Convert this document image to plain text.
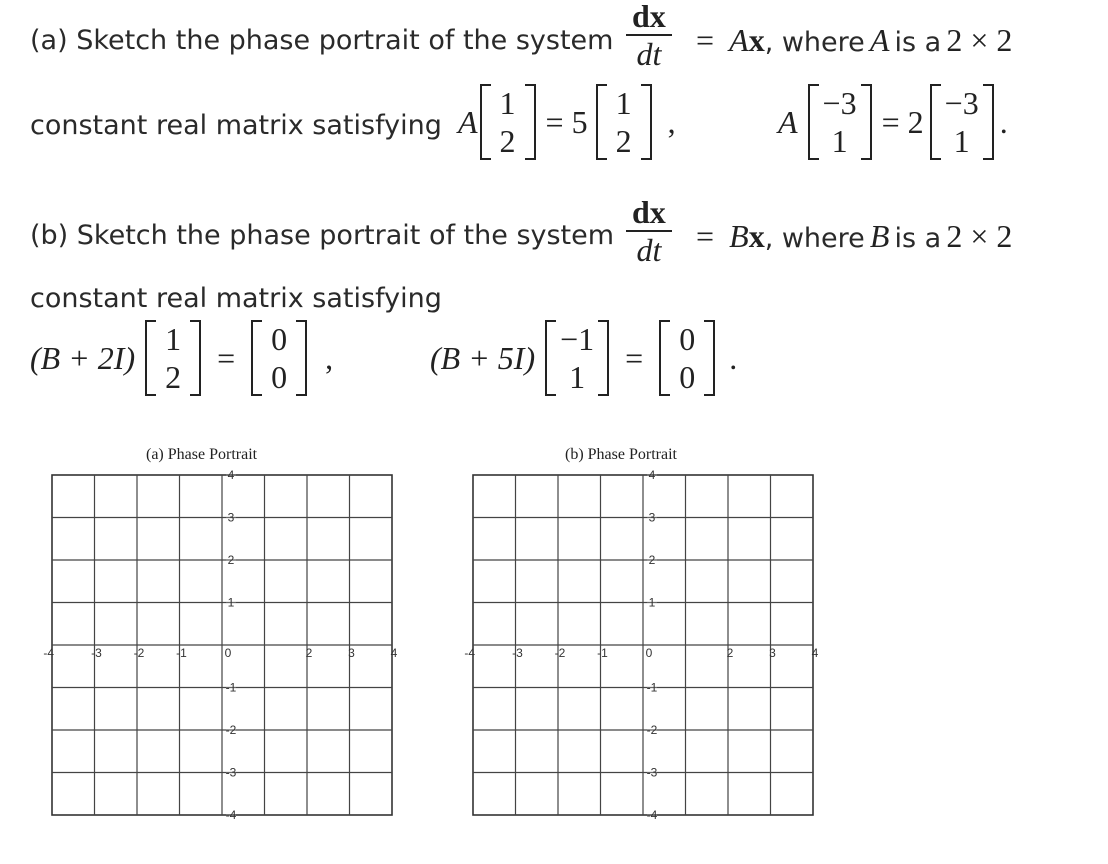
(a) Sketch the phase portrait of the system $\frac{dx}{dt} = Ax$, where A is a 2 × 2
constant real matrix satisfying A
1
2
= 5
1
2
,	A
−3
1
= 2
−3
1
.
(b) Sketch the phase portrait of the system $\frac{dx}{dt} = Bx$, where B is a 2 × 2
constant real matrix satisfying
(B + 2I)
1
2
=
0
0
,	(B + 5I)
−1
1
=
0
0
.
(a) Phase Portrait	(b) Phase Portrait
-4	-3	-2	-1	0	2	3	4
4
3
2
1
-1
-2
-3
-4
-4	-3	-2	-1	0	2	3	4
4
3
2
1
-1
-2
-3
-4
